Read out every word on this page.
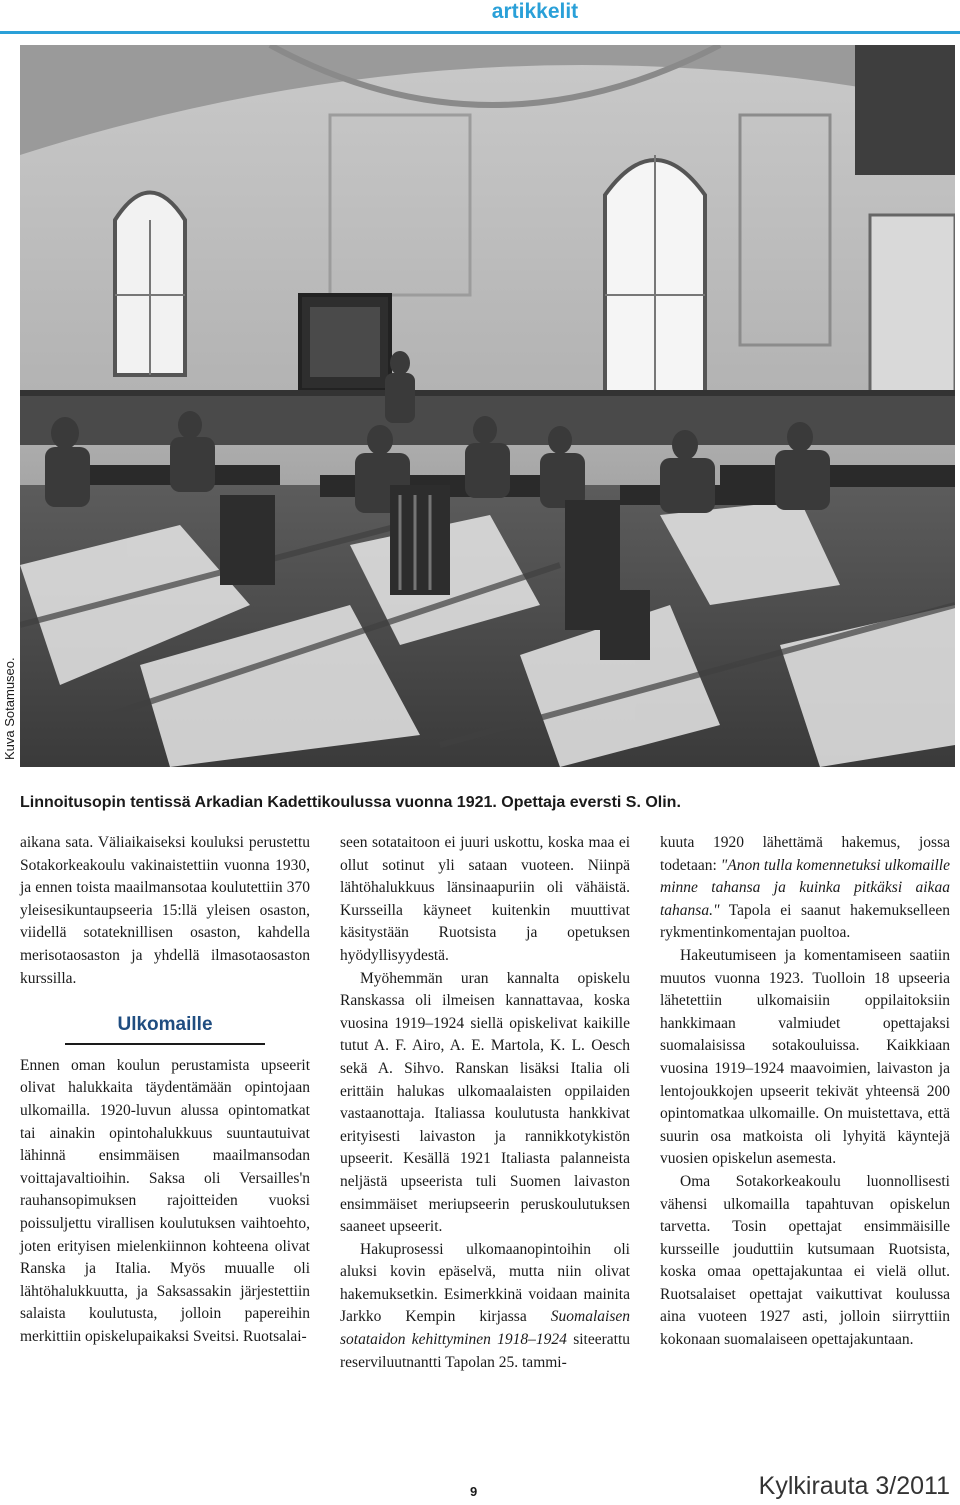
artikkelit
Kuva Sotamuseo.
Linnoitusopin tentissä Arkadian Kadettikoulussa vuonna 1921. Opettaja eversti S. Olin.

aikana sata. Väliaikaiseksi kouluksi perustettu Sotakorkeakoulu vakinaistettiin vuonna 1930, ja ennen toista maailmansotaa koulutettiin 370 yleisesikuntaupseeria 15:llä yleisen osaston, viidellä sotateknillisen osaston, kahdella merisotaosaston ja yhdellä ilmasotaosaston kurssilla.

Ulkomaille

Ennen oman koulun perustamista upseerit olivat halukkaita täydentämään opintojaan ulkomailla. 1920-luvun alussa opintomatkat tai ainakin opintohalukkuus suuntautuivat lähinnä ensimmäisen maailmansodan voittajavaltioihin. Saksa oli Versailles'n rauhansopimuksen rajoitteiden vuoksi poissuljettu virallisen koulutuksen vaihtoehto, joten erityisen mielenkiinnon kohteena olivat Ranska ja Italia. Myös muualle oli lähtöhalukkuutta, ja Saksassakin järjestettiin salaista koulutusta, jolloin papereihin merkittiin opiskelupaikaksi Sveitsi. Ruotsalai-

seen sotataitoon ei juuri uskottu, koska maa ei ollut sotinut yli sataan vuoteen. Niinpä lähtöhalukkuus länsinaapuriin oli vähäistä. Kursseilla käyneet kuitenkin muuttivat käsitystään Ruotsista ja opetuksen hyödyllisyydestä.

Myöhemmän uran kannalta opiskelu Ranskassa oli ilmeisen kannattavaa, koska vuosina 1919–1924 siellä opiskelivat kaikille tutut A. F. Airo, A. E. Martola, K. L. Oesch sekä A. Sihvo. Ranskan lisäksi Italia oli erittäin halukas ulkomaalaisten oppilaiden vastaanottaja. Italiassa koulutusta hankkivat erityisesti laivaston ja rannikkotykistön upseerit. Kesällä 1921 Italiasta palanneista neljästä upseerista tuli Suomen laivaston ensimmäiset meriupseerin peruskoulutuksen saaneet upseerit.

Hakuprosessi ulkomaanopintoihin oli aluksi kovin epäselvä, mutta niin olivat hakemuksetkin. Esimerkkinä voidaan mainita Jarkko Kempin kirjassa Suomalaisen sotataidon kehittyminen 1918–1924 siteerattu reserviluutnantti Tapolan 25. tammi-

kuuta 1920 lähettämä hakemus, jossa todetaan: "Anon tulla komennetuksi ulkomaille minne tahansa ja kuinka pitkäksi aikaa tahansa." Tapola ei saanut hakemukselleen rykmentinkomentajan puoltoa.

Hakeutumiseen ja komentamiseen saatiin muutos vuonna 1923. Tuolloin 18 upseeria lähetettiin ulkomaisiin oppilaitoksiin hankkimaan valmiudet opettajaksi suomalaisissa sotakouluissa. Kaikkiaan vuosina 1919–1924 maavoimien, laivaston ja lentojoukkojen upseerit tekivät yhteensä 200 opintomatkaa ulkomaille. On muistettava, että suurin osa matkoista oli lyhyitä käyntejä vuosien opiskelun asemesta.

Oma Sotakorkeakoulu luonnollisesti vähensi ulkomailla tapahtuvan opiskelun tarvetta. Tosin opettajat ensimmäisille kursseille jouduttiin kutsumaan Ruotsista, koska omaa opettajakuntaa ei vielä ollut. Ruotsalaiset opettajat vaikuttivat koulussa aina vuoteen 1927 asti, jolloin siirryttiin kokonaan suomalaiseen opettajakuntaan.

9	Kylkirauta 3/2011
